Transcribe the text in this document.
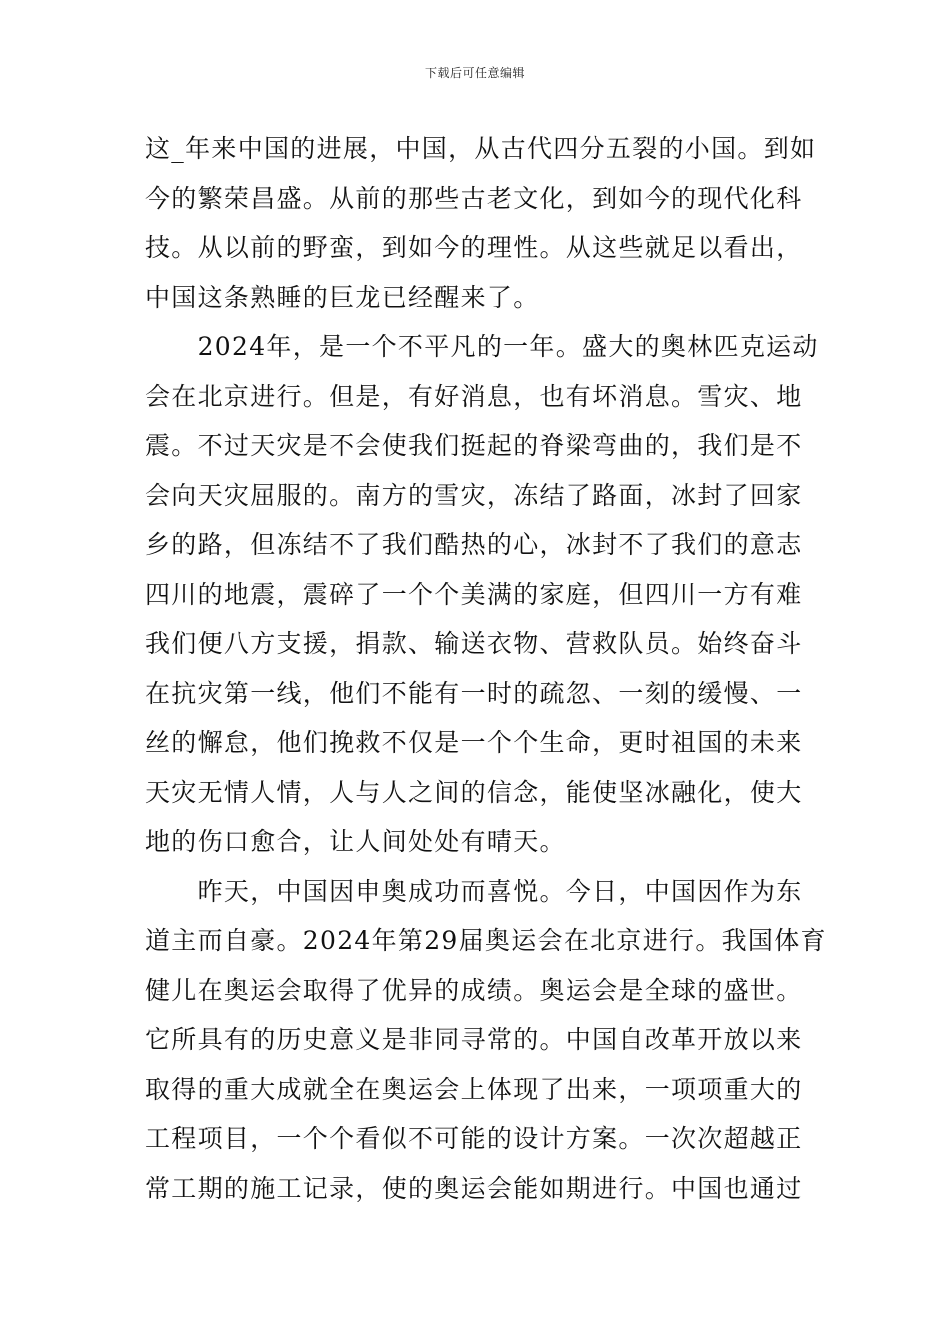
下载后可任意编辑
这_年来中国的进展，中国，从古代四分五裂的小国。到如
今的繁荣昌盛。从前的那些古老文化，到如今的现代化科
技。从以前的野蛮，到如今的理性。从这些就足以看出，
中国这条熟睡的巨龙已经醒来了。
　　2024年，是一个不平凡的一年。盛大的奥林匹克运动
会在北京进行。但是，有好消息，也有坏消息。雪灾、地
震。不过天灾是不会使我们挺起的脊梁弯曲的，我们是不
会向天灾屈服的。南方的雪灾，冻结了路面，冰封了回家
乡的路，但冻结不了我们酷热的心，冰封不了我们的意志
四川的地震，震碎了一个个美满的家庭，但四川一方有难
我们便八方支援，捐款、输送衣物、营救队员。始终奋斗
在抗灾第一线，他们不能有一时的疏忽、一刻的缓慢、一
丝的懈怠，他们挽救不仅是一个个生命，更时祖国的未来
天灾无情人情，人与人之间的信念，能使坚冰融化，使大
地的伤口愈合，让人间处处有晴天。
　　昨天，中国因申奥成功而喜悦。今日，中国因作为东
道主而自豪。2024年第29届奥运会在北京进行。我国体育
健儿在奥运会取得了优异的成绩。奥运会是全球的盛世。
它所具有的历史意义是非同寻常的。中国自改革开放以来
取得的重大成就全在奥运会上体现了出来，一项项重大的
工程项目，一个个看似不可能的设计方案。一次次超越正
常工期的施工记录，使的奥运会能如期进行。中国也通过
